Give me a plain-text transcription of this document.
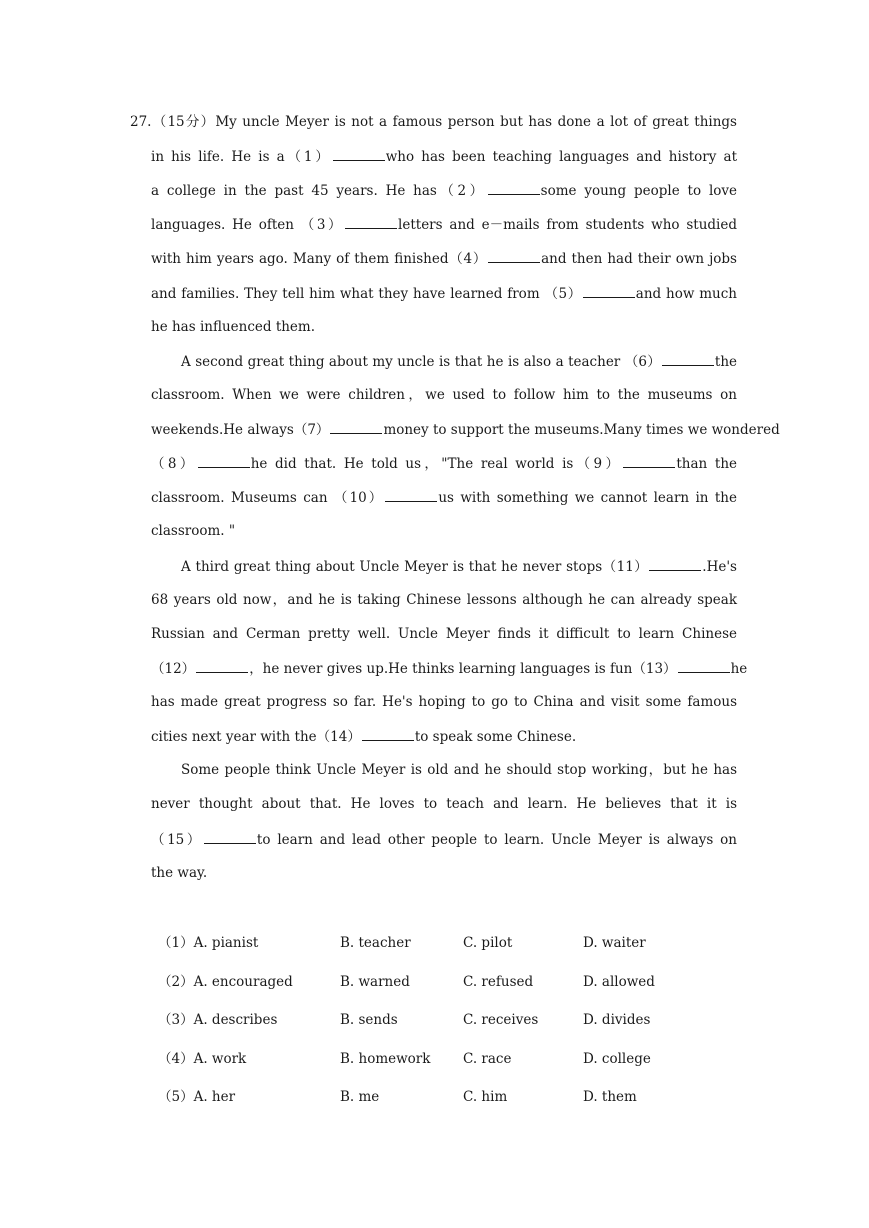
27.（15分）My uncle Meyer is not a famous person but has done a lot of great things
in his life. He is a（1）	who has been teaching languages and history at
a college in the past 45 years. He has（2）	some young people to love
languages. He often （3）	letters and e－mails from students who studied
with him years ago. Many of them finished（4）	and then had their own jobs
and families. They tell him what they have learned from （5）	and how much
he has influenced them.
A second great thing about my uncle is that he is also a teacher （6）	the
classroom. When we were children，we used to follow him to the museums on
weekends.He always（7）	money to support the museums.Many times we wondered
（8）	he did that. He told us，"The real world is（9）	than the
classroom. Museums can （10）	us with something we cannot learn in the
classroom. "
A third great thing about Uncle Meyer is that he never stops（11）	.He's
68 years old now，and he is taking Chinese lessons although he can already speak
Russian and Cerman pretty well. Uncle Meyer finds it difficult to learn Chinese
（12）	，he never gives up.He thinks learning languages is fun（13）	he
has made great progress so far. He's hoping to go to China and visit some famous
cities next year with the（14）	to speak some Chinese.
Some people think Uncle Meyer is old and he should stop working，but he has
never thought about that. He loves to teach and learn. He believes that it is
（15）	to learn and lead other people to learn. Uncle Meyer is always on
the way.
（1）A. pianist	B. teacher	C. pilot	D. waiter
（2）A. encouraged	B. warned	C. refused	D. allowed
（3）A. describes	B. sends	C. receives	D. divides
（4）A. work	B. homework C. race	D. college
（5）A. her	B. me	C. him	D. them
